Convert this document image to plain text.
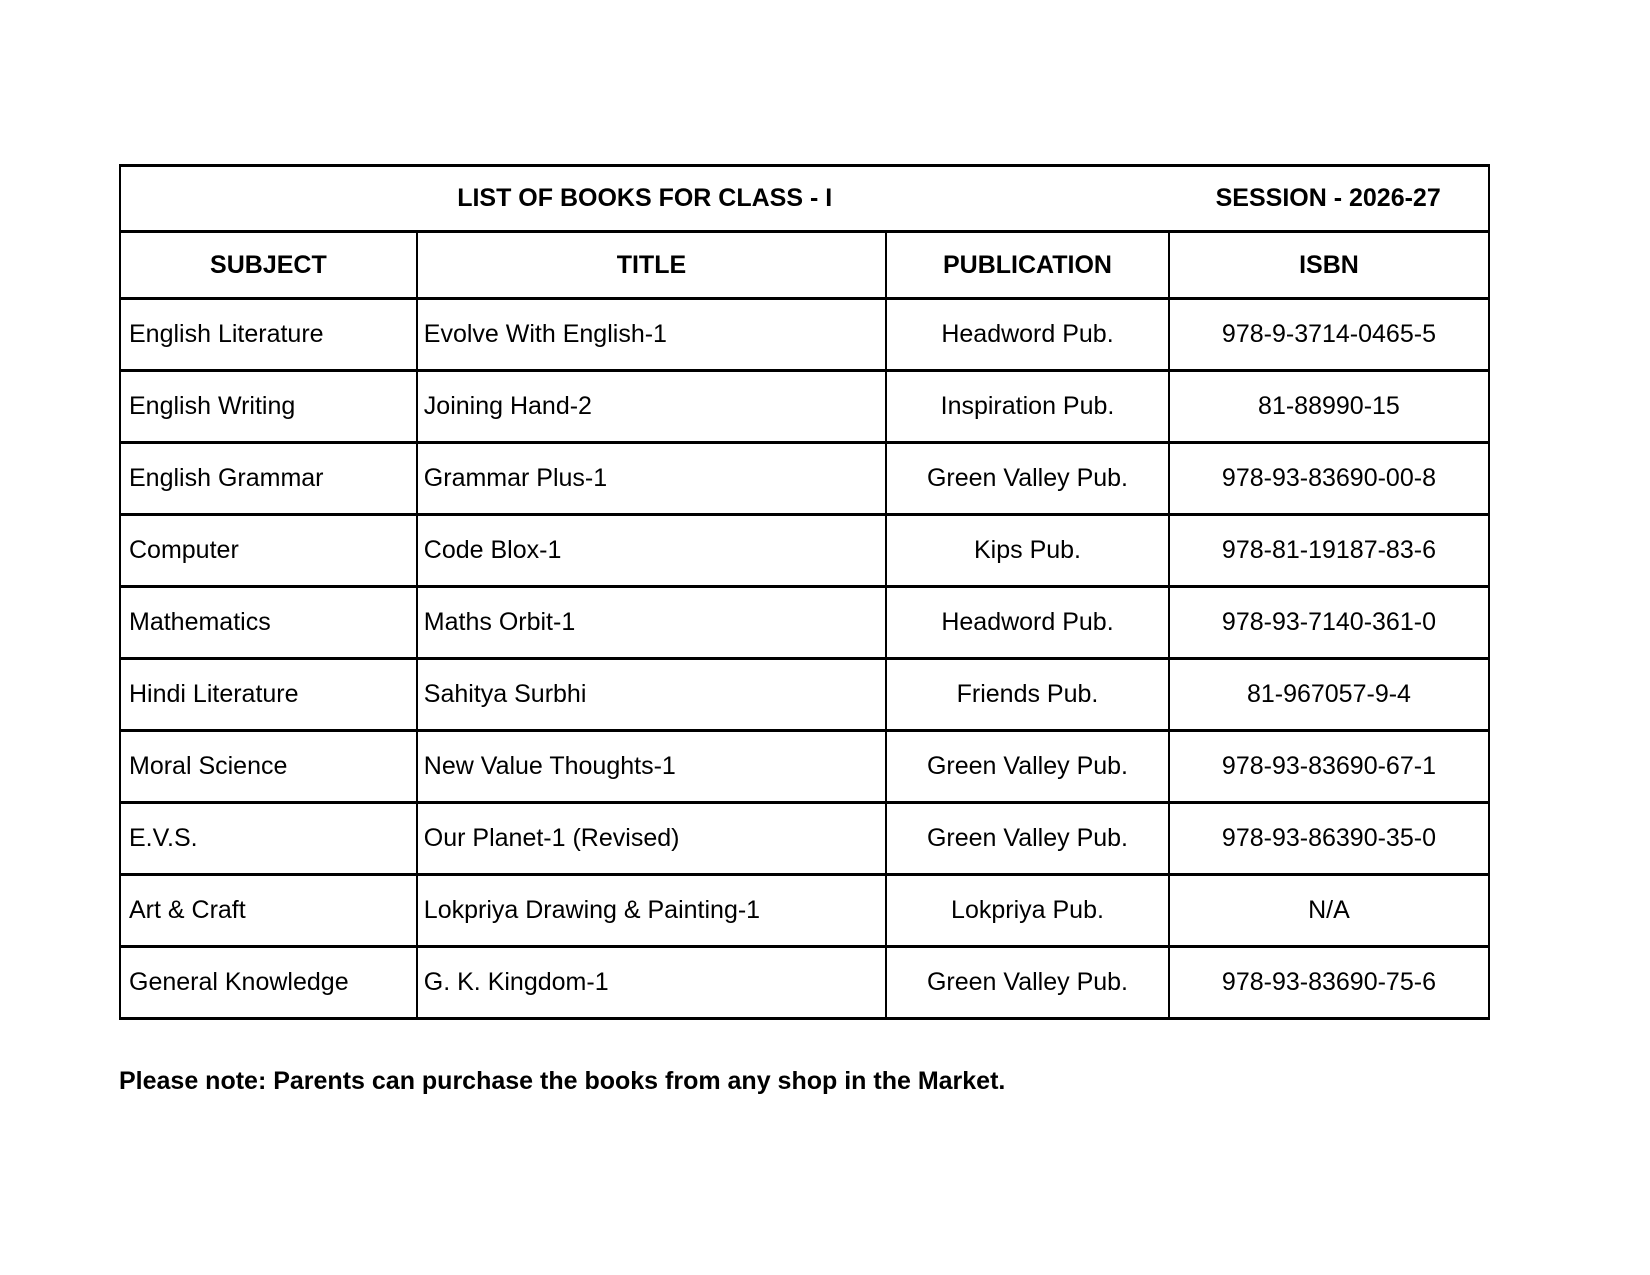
LIST OF BOOKS FOR CLASS - I SESSION - 2026-27			

SUBJECT	TITLE	PUBLICATION	ISBN
English Literature	Evolve With English-1	Headword Pub.	978-9-3714-0465-5
English Writing	Joining Hand-2	Inspiration Pub.	81-88990-15
English Grammar	Grammar Plus-1	Green Valley Pub.	978-93-83690-00-8
Computer	Code Blox-1	Kips Pub.	978-81-19187-83-6
Mathematics	Maths Orbit-1	Headword Pub.	978-93-7140-361-0
Hindi Literature	Sahitya Surbhi	Friends Pub.	81-967057-9-4
Moral Science	New Value Thoughts-1	Green Valley Pub.	978-93-83690-67-1
E.V.S.	Our Planet-1 (Revised)	Green Valley Pub.	978-93-86390-35-0
Art & Craft	Lokpriya Drawing & Painting-1	Lokpriya Pub.	N/A
General Knowledge	G. K. Kingdom-1	Green Valley Pub.	978-93-83690-75-6
Please note: Parents can purchase the books from any shop in the Market.
